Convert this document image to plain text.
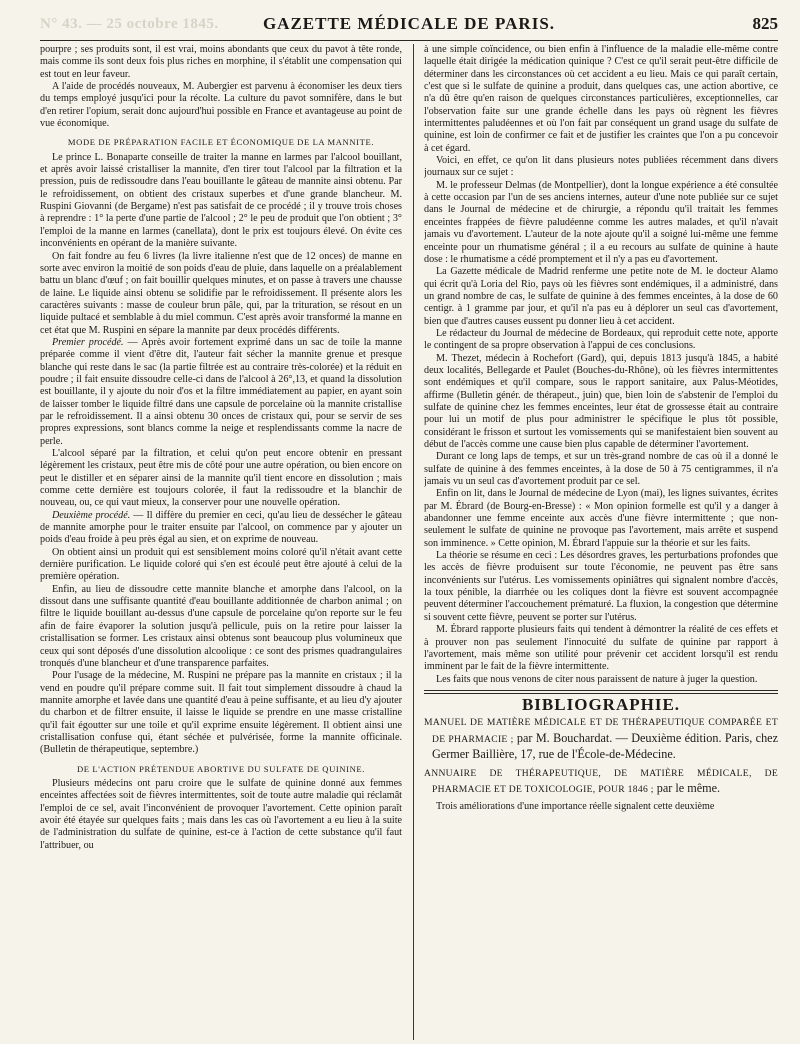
N° 43. — 25 octobre 1845.	GAZETTE MÉDICALE DE PARIS.	825

pourpre ; ses produits sont, il est vrai, moins abondants que ceux du pavot à tête ronde, mais comme ils sont deux fois plus riches en morphine, il s'établit une compensation qui est tout en leur faveur.

A l'aide de procédés nouveaux, M. Aubergier est parvenu à économiser les deux tiers du temps employé jusqu'ici pour la récolte. La culture du pavot somnifère, dans le but d'en retirer l'opium, serait donc aujourd'hui possible en France et avantageuse au point de vue économique.

MODE DE PRÉPARATION FACILE ET ÉCONOMIQUE DE LA MANNITE.

Le prince L. Bonaparte conseille de traiter la manne en larmes par l'alcool bouillant, et après avoir laissé cristalliser la mannite, d'en tirer tout l'alcool par la filtration et la pression, puis de redissoudre dans l'eau bouillante le gâteau de mannite ainsi obtenu. Par le refroidissement, on obtient des cristaux superbes et d'une grande blancheur. M. Ruspini Giovanni (de Bergame) n'est pas satisfait de ce procédé ; il y trouve trois choses à reprendre : 1° la perte d'une partie de l'alcool ; 2° le peu de produit que l'on obtient ; 3° l'emploi de la manne en larmes (canellata), dont le prix est toujours élevé. On évite ces inconvénients en opérant de la manière suivante.

On fait fondre au feu 6 livres (la livre italienne n'est que de 12 onces) de manne en sorte avec environ la moitié de son poids d'eau de pluie, dans laquelle on a préalablement battu un blanc d'œuf ; on fait bouillir quelques minutes, et on passe à travers une chausse de laine. Le liquide ainsi obtenu se solidifie par le refroidissement. Il présente alors les caractères suivants : masse de couleur brun pâle, qui, par la trituration, se résout en un liquide pultacé et semblable à du miel commun. C'est après avoir transformé la manne en cet état que M. Ruspini en sépare la mannite par deux procédés différents.

Premier procédé. — Après avoir fortement exprimé dans un sac de toile la manne préparée comme il vient d'être dit, l'auteur fait sécher la mannite grenue et presque blanche qui reste dans le sac (la partie filtrée est au contraire très-colorée) et la réduit en poudre ; il fait ensuite dissoudre celle-ci dans de l'alcool à 26°,13, et quand la dissolution est bouillante, il y ajoute du noir d'os et la filtre immédiatement au papier, en ayant soin de laisser tomber le liquide filtré dans une capsule de porcelaine où la mannite cristallise par le refroidissement. Il a ainsi obtenu 30 onces de cristaux qui, pour se servir de ses propres expressions, sont blancs comme la neige et resplendissants comme la nacre de perle.

L'alcool séparé par la filtration, et celui qu'on peut encore obtenir en pressant légèrement les cristaux, peut être mis de côté pour une autre opération, ou bien encore on peut le distiller et en séparer ainsi de la mannite qu'il tient encore en dissolution ; mais comme cette dernière est toujours colorée, il faut la redissoudre et la blanchir de nouveau, ou, ce qui vaut mieux, la conserver pour une nouvelle opération.

Deuxième procédé. — Il diffère du premier en ceci, qu'au lieu de dessécher le gâteau de mannite amorphe pour le traiter ensuite par l'alcool, on commence par y ajouter un poids d'eau froide à peu près égal au sien, et on exprime de nouveau.

On obtient ainsi un produit qui est sensiblement moins coloré qu'il n'était avant cette dernière purification. Le liquide coloré qui s'en est écoulé peut être ajouté à celui de la première opération.

Enfin, au lieu de dissoudre cette mannite blanche et amorphe dans l'alcool, on la dissout dans une suffisante quantité d'eau bouillante additionnée de charbon animal ; on filtre le liquide bouillant au-dessus d'une capsule de porcelaine qu'on reporte sur le feu afin de faire évaporer la solution jusqu'à pellicule, puis on la retire pour laisser la cristallisation se former. Les cristaux ainsi obtenus sont beaucoup plus volumineux que ceux qui sont déposés d'une dissolution alcoolique : ce sont des prismes quadrangulaires tronqués d'une blancheur et d'une transparence parfaites.

Pour l'usage de la médecine, M. Ruspini ne prépare pas la mannite en cristaux ; il la vend en poudre qu'il prépare comme suit. Il fait tout simplement dissoudre à chaud la mannite amorphe et lavée dans une quantité d'eau à peine suffisante, et au lieu d'y ajouter du charbon et de filtrer ensuite, il laisse le liquide se prendre en une masse cristalline qu'il fait égoutter sur une toile et qu'il exprime ensuite légèrement. Il obtient ainsi une cristallisation confuse qui, étant séchée et pulvérisée, forme la mannite officinale. (Bulletin de thérapeutique, septembre.)

DE L'ACTION PRÉTENDUE ABORTIVE DU SULFATE DE QUININE.

Plusieurs médecins ont paru croire que le sulfate de quinine donné aux femmes enceintes affectées soit de fièvres intermittentes, soit de toute autre maladie qui réclamât l'emploi de ce sel, avait l'inconvénient de provoquer l'avortement. Cette opinion paraît avoir été étayée sur quelques faits ; mais dans les cas où l'avortement a eu lieu à la suite de l'administration du sulfate de quinine, est-ce à l'action de cette substance qu'il faut l'attribuer, ou

à une simple coïncidence, ou bien enfin à l'influence de la maladie elle-même contre laquelle était dirigée la médication quinique ? C'est ce qu'il serait peut-être difficile de déterminer dans les circonstances où cet accident a eu lieu. Mais ce qui paraît certain, c'est que si le sulfate de quinine a produit, dans quelques cas, une action abortive, ce n'a dû être qu'en raison de quelques circonstances particulières, exceptionnelles, car l'observation faite sur une grande échelle dans les pays où règnent les fièvres intermittentes paludéennes et où l'on fait par conséquent un grand usage du sulfate de quinine, est loin de confirmer ce fait et de justifier les craintes que l'on a pu concevoir à cet égard.

Voici, en effet, ce qu'on lit dans plusieurs notes publiées récemment dans divers journaux sur ce sujet :

M. le professeur Delmas (de Montpellier), dont la longue expérience a été consultée à cette occasion par l'un de ses anciens internes, auteur d'une note publiée sur ce sujet dans le Journal de médecine et de chirurgie, a répondu qu'il traitait les femmes enceintes frappées de fièvre paludéenne comme les autres malades, et qu'il n'avait jamais vu d'avortement. L'auteur de la note ajoute qu'il a soigné lui-même une femme enceinte pour un rhumatisme général ; il a eu recours au sulfate de quinine à haute dose : le rhumatisme a cédé promptement et il n'y a pas eu d'avortement.

La Gazette médicale de Madrid renferme une petite note de M. le docteur Alamo qui écrit qu'à Loria del Rio, pays où les fièvres sont endémiques, il a administré, dans un grand nombre de cas, le sulfate de quinine à des femmes enceintes, à la dose de 60 centigr. à 1 gramme par jour, et qu'il n'a pas eu à déplorer un seul cas d'avortement, bien que d'autres causes eussent pu donner lieu à cet accident.

Le rédacteur du Journal de médecine de Bordeaux, qui reproduit cette note, apporte le contingent de sa propre observation à l'appui de ces conclusions.

M. Thezet, médecin à Rochefort (Gard), qui, depuis 1813 jusqu'à 1845, a habité deux localités, Bellegarde et Paulet (Bouches-du-Rhône), où les fièvres intermittentes sont endémiques et qu'il compare, sous le rapport sanitaire, aux Palus-Méotides, affirme (Bulletin génér. de thérapeut., juin) que, bien loin de s'abstenir de l'emploi du sulfate de quinine chez les femmes enceintes, leur état de grossesse était au contraire pour lui un motif de plus pour administrer le spécifique le plus tôt possible, considérant le frisson et surtout les vomissements qui se manifestaient bien souvent au début de l'accès comme une cause bien plus capable de déterminer l'avortement.

Durant ce long laps de temps, et sur un très-grand nombre de cas où il a donné le sulfate de quinine à des femmes enceintes, à la dose de 50 à 75 centigrammes, il n'a jamais vu un seul cas d'avortement produit par ce sel.

Enfin on lit, dans le Journal de médecine de Lyon (mai), les lignes suivantes, écrites par M. Ébrard (de Bourg-en-Bresse) : « Mon opinion formelle est qu'il y a danger à abandonner une femme enceinte aux accès d'une fièvre intermittente ; que non-seulement le sulfate de quinine ne provoque pas l'avortement, mais arrête et suspend son imminence. » Cette opinion, M. Ébrard l'appuie sur la théorie et sur les faits.

La théorie se résume en ceci : Les désordres graves, les perturbations profondes que les accès de fièvre produisent sur toute l'économie, ne peuvent pas être sans inconvénients sur l'utérus. Les vomissements opiniâtres qui signalent nombre d'accès, la toux pénible, la diarrhée ou les coliques dont la fièvre est souvent accompagnée peuvent déterminer l'accouchement prématuré. La fluxion, la congestion que détermine si souvent cette fièvre, peuvent se porter sur l'utérus.

M. Ébrard rapporte plusieurs faits qui tendent à démontrer la réalité de ces effets et à prouver non pas seulement l'innocuité du sulfate de quinine par rapport à l'avortement, mais même son utilité pour prévenir cet accident lorsqu'il est rendu imminent par le fait de la fièvre intermittente.

Les faits que nous venons de citer nous paraissent de nature à juger la question.

BIBLIOGRAPHIE.
MANUEL DE MATIÈRE MÉDICALE ET DE THÉRAPEUTIQUE COMPARÉE ET DE PHARMACIE ; par M. Bouchardat. — Deuxième édition. Paris, chez Germer Baillière, 17, rue de l'École-de-Médecine.
ANNUAIRE DE THÉRAPEUTIQUE, DE MATIÈRE MÉDICALE, DE PHARMACIE ET DE TOXICOLOGIE, POUR 1846 ; par le même.

Trois améliorations d'une importance réelle signalent cette deuxième
